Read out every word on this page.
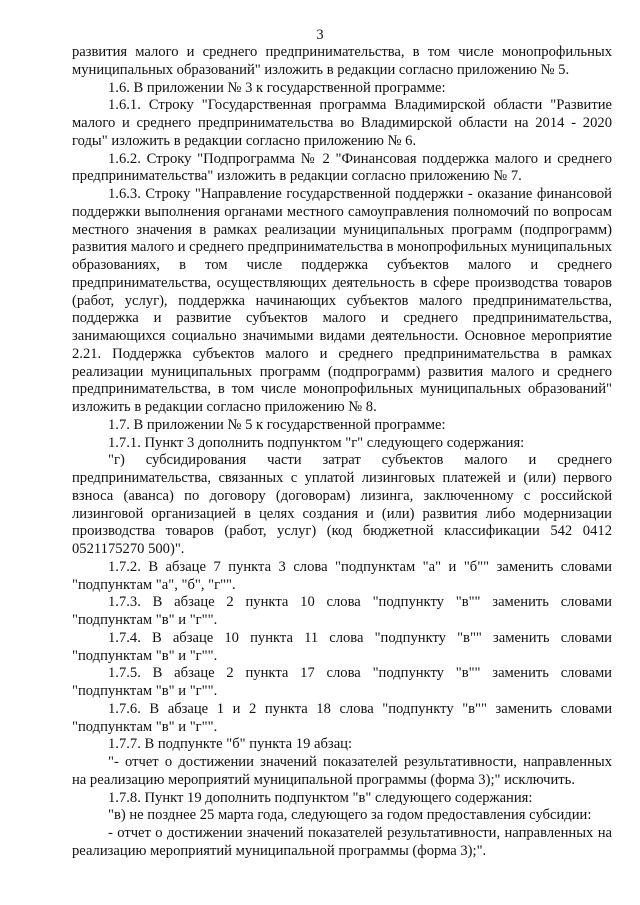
3

развития малого и среднего предпринимательства, в том числе монопрофильных муниципальных образований" изложить в редакции согласно приложению № 5.

1.6. В приложении № 3 к государственной программе:

1.6.1. Строку "Государственная программа Владимирской области "Развитие малого и среднего предпринимательства во Владимирской области на 2014 - 2020 годы" изложить в редакции согласно приложению № 6.

1.6.2. Строку "Подпрограмма № 2 "Финансовая поддержка малого и среднего предпринимательства" изложить в редакции согласно приложению № 7.

1.6.3. Строку "Направление государственной поддержки - оказание финансовой поддержки выполнения органами местного самоуправления полномочий по вопросам местного значения в рамках реализации муниципальных программ (подпрограмм) развития малого и среднего предпринимательства в монопрофильных муниципальных образованиях, в том числе поддержка субъектов малого и среднего предпринимательства, осуществляющих деятельность в сфере производства товаров (работ, услуг), поддержка начинающих субъектов малого предпринимательства, поддержка и развитие субъектов малого и среднего предпринимательства, занимающихся социально значимыми видами деятельности. Основное мероприятие 2.21. Поддержка субъектов малого и среднего предпринимательства в рамках реализации муниципальных программ (подпрограмм) развития малого и среднего предпринимательства, в том числе монопрофильных муниципальных образований" изложить в редакции согласно приложению № 8.

1.7. В приложении № 5 к государственной программе:

1.7.1. Пункт 3 дополнить подпунктом "г" следующего содержания:

"г) субсидирования части затрат субъектов малого и среднего предпринимательства, связанных с уплатой лизинговых платежей и (или) первого взноса (аванса) по договору (договорам) лизинга, заключенному с российской лизинговой организацией в целях создания и (или) развития либо модернизации производства товаров (работ, услуг) (код бюджетной классификации 542 0412 0521175270 500)".

1.7.2. В абзаце 7 пункта 3 слова "подпунктам "а" и "б"" заменить словами "подпунктам "а", "б", "г"".

1.7.3. В абзаце 2 пункта 10 слова "подпункту "в"" заменить словами "подпунктам "в" и "г"".

1.7.4. В абзаце 10 пункта 11 слова "подпункту "в"" заменить словами "подпунктам "в" и "г"".

1.7.5. В абзаце 2 пункта 17 слова "подпункту "в"" заменить словами "подпунктам "в" и "г"".

1.7.6. В абзаце 1 и 2 пункта 18 слова "подпункту "в"" заменить словами "подпунктам "в" и "г"".

1.7.7. В подпункте "б" пункта 19 абзац:

"- отчет о достижении значений показателей результативности, направленных на реализацию мероприятий муниципальной программы (форма 3);" исключить.

1.7.8. Пункт 19 дополнить подпунктом "в" следующего содержания:

"в) не позднее 25 марта года, следующего за годом предоставления субсидии:

- отчет о достижении значений показателей результативности, направленных на реализацию мероприятий муниципальной программы (форма 3);".
